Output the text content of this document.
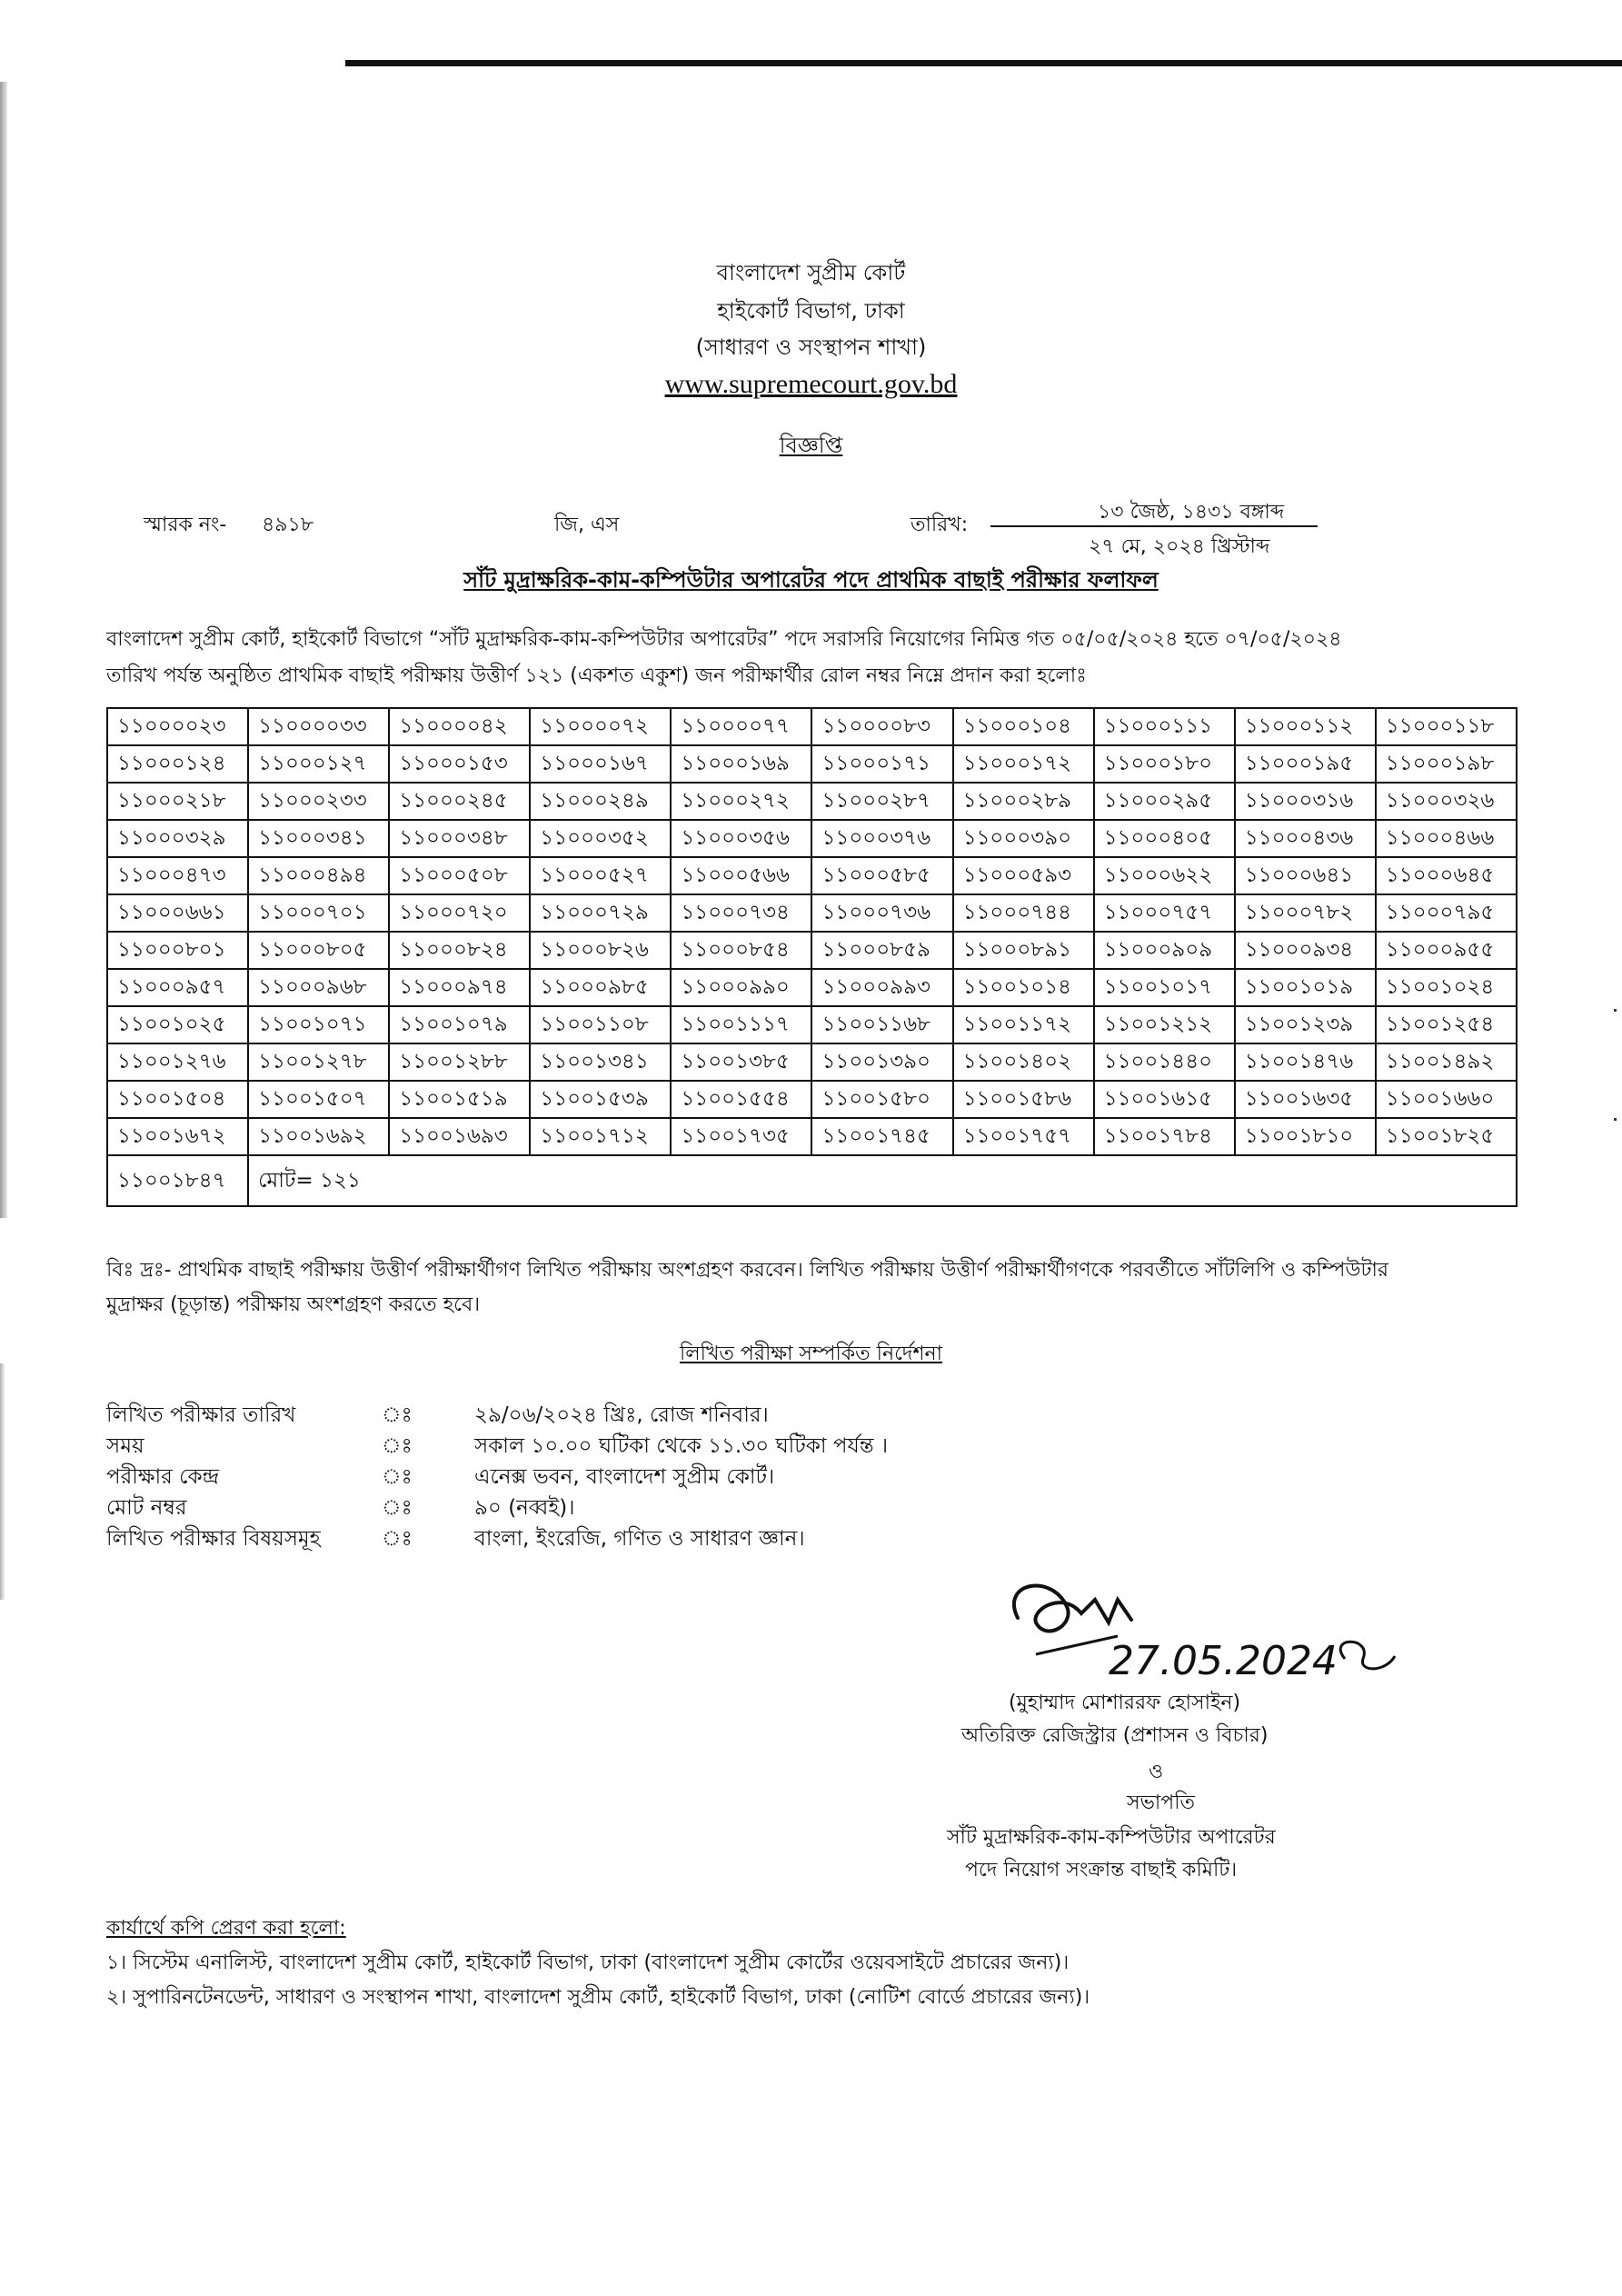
বাংলাদেশ সুপ্রীম কোর্ট
হাইকোর্ট বিভাগ, ঢাকা
(সাধারণ ও সংস্থাপন শাখা)
www.supremecourt.gov.bd
বিজ্ঞপ্তি
স্মারক নং- ৪৯১৮	জি, এস	তারিখ:
১৩ জৈষ্ঠ, ১৪৩১ বঙ্গাব্দ
২৭ মে, ২০২৪ খ্রিস্টাব্দ
সাঁট মুদ্রাক্ষরিক-কাম-কম্পিউটার অপারেটর পদে প্রাথমিক বাছাই পরীক্ষার ফলাফল
বাংলাদেশ সুপ্রীম কোর্ট, হাইকোর্ট বিভাগে “সাঁট মুদ্রাক্ষরিক-কাম-কম্পিউটার অপারেটর” পদে সরাসরি নিয়োগের নিমিত্ত গত ০৫/০৫/২০২৪ হতে ০৭/০৫/২০২৪
তারিখ পর্যন্ত অনুষ্ঠিত প্রাথমিক বাছাই পরীক্ষায় উত্তীর্ণ ১২১ (একশত একুশ) জন পরীক্ষার্থীর রোল নম্বর নিম্নে প্রদান করা হলোঃ
১১০০০০২৩	১১০০০০৩৩	১১০০০০৪২	১১০০০০৭২	১১০০০০৭৭	১১০০০০৮৩	১১০০০১০৪	১১০০০১১১	১১০০০১১২	১১০০০১১৮
১১০০০১২৪	১১০০০১২৭	১১০০০১৫৩	১১০০০১৬৭	১১০০০১৬৯	১১০০০১৭১	১১০০০১৭২	১১০০০১৮০	১১০০০১৯৫	১১০০০১৯৮
১১০০০২১৮	১১০০০২৩৩	১১০০০২৪৫	১১০০০২৪৯	১১০০০২৭২	১১০০০২৮৭	১১০০০২৮৯	১১০০০২৯৫	১১০০০৩১৬	১১০০০৩২৬
১১০০০৩২৯	১১০০০৩৪১	১১০০০৩৪৮	১১০০০৩৫২	১১০০০৩৫৬	১১০০০৩৭৬	১১০০০৩৯০	১১০০০৪০৫	১১০০০৪৩৬	১১০০০৪৬৬
১১০০০৪৭৩	১১০০০৪৯৪	১১০০০৫০৮	১১০০০৫২৭	১১০০০৫৬৬	১১০০০৫৮৫	১১০০০৫৯৩	১১০০০৬২২	১১০০০৬৪১	১১০০০৬৪৫
১১০০০৬৬১	১১০০০৭০১	১১০০০৭২০	১১০০০৭২৯	১১০০০৭৩৪	১১০০০৭৩৬	১১০০০৭৪৪	১১০০০৭৫৭	১১০০০৭৮২	১১০০০৭৯৫
১১০০০৮০১	১১০০০৮০৫	১১০০০৮২৪	১১০০০৮২৬	১১০০০৮৫৪	১১০০০৮৫৯	১১০০০৮৯১	১১০০০৯০৯	১১০০০৯৩৪	১১০০০৯৫৫
১১০০০৯৫৭	১১০০০৯৬৮	১১০০০৯৭৪	১১০০০৯৮৫	১১০০০৯৯০	১১০০০৯৯৩	১১০০১০১৪	১১০০১০১৭	১১০০১০১৯	১১০০১০২৪
১১০০১০২৫	১১০০১০৭১	১১০০১০৭৯	১১০০১১০৮	১১০০১১১৭	১১০০১১৬৮	১১০০১১৭২	১১০০১২১২	১১০০১২৩৯	১১০০১২৫৪
১১০০১২৭৬	১১০০১২৭৮	১১০০১২৮৮	১১০০১৩৪১	১১০০১৩৮৫	১১০০১৩৯০	১১০০১৪০২	১১০০১৪৪০	১১০০১৪৭৬	১১০০১৪৯২
১১০০১৫০৪	১১০০১৫০৭	১১০০১৫১৯	১১০০১৫৩৯	১১০০১৫৫৪	১১০০১৫৮০	১১০০১৫৮৬	১১০০১৬১৫	১১০০১৬৩৫	১১০০১৬৬০
১১০০১৬৭২	১১০০১৬৯২	১১০০১৬৯৩	১১০০১৭১২	১১০০১৭৩৫	১১০০১৭৪৫	১১০০১৭৫৭	১১০০১৭৮৪	১১০০১৮১০	১১০০১৮২৫
১১০০১৮৪৭	মোট= ১২১								
বিঃ দ্রঃ- প্রাথমিক বাছাই পরীক্ষায় উত্তীর্ণ পরীক্ষার্থীগণ লিখিত পরীক্ষায় অংশগ্রহণ করবেন। লিখিত পরীক্ষায় উত্তীর্ণ পরীক্ষার্থীগণকে পরবর্তীতে সাঁটলিপি ও কম্পিউটার
মুদ্রাক্ষর (চূড়ান্ত) পরীক্ষায় অংশগ্রহণ করতে হবে।
লিখিত পরীক্ষা সম্পর্কিত নির্দেশনা
লিখিত পরীক্ষার তারিখ	ঃ	২৯/০৬/২০২৪ খ্রিঃ, রোজ শনিবার।
সময়	ঃ	সকাল ১০.০০ ঘটিকা থেকে ১১.৩০ ঘটিকা পর্যন্ত ।
পরীক্ষার কেন্দ্র	ঃ	এনেক্স ভবন, বাংলাদেশ সুপ্রীম কোর্ট।
মোট নম্বর	ঃ	৯০ (নব্বই)।
লিখিত পরীক্ষার বিষয়সমূহ	ঃ	বাংলা, ইংরেজি, গণিত ও সাধারণ জ্ঞান।
27.05.2024
(মুহাম্মাদ মোশাররফ হোসাইন)
অতিরিক্ত রেজিস্ট্রার (প্রশাসন ও বিচার)
ও
সভাপতি
সাঁট মুদ্রাক্ষরিক-কাম-কম্পিউটার অপারেটর
পদে নিয়োগ সংক্রান্ত বাছাই কমিটি।
কার্যার্থে কপি প্রেরণ করা হলো:
১। সিস্টেম এনালিস্ট, বাংলাদেশ সুপ্রীম কোর্ট, হাইকোর্ট বিভাগ, ঢাকা (বাংলাদেশ সুপ্রীম কোর্টের ওয়েবসাইটে প্রচারের জন্য)।
২। সুপারিনটেনডেন্ট, সাধারণ ও সংস্থাপন শাখা, বাংলাদেশ সুপ্রীম কোর্ট, হাইকোর্ট বিভাগ, ঢাকা (নোটিশ বোর্ডে প্রচারের জন্য)।
